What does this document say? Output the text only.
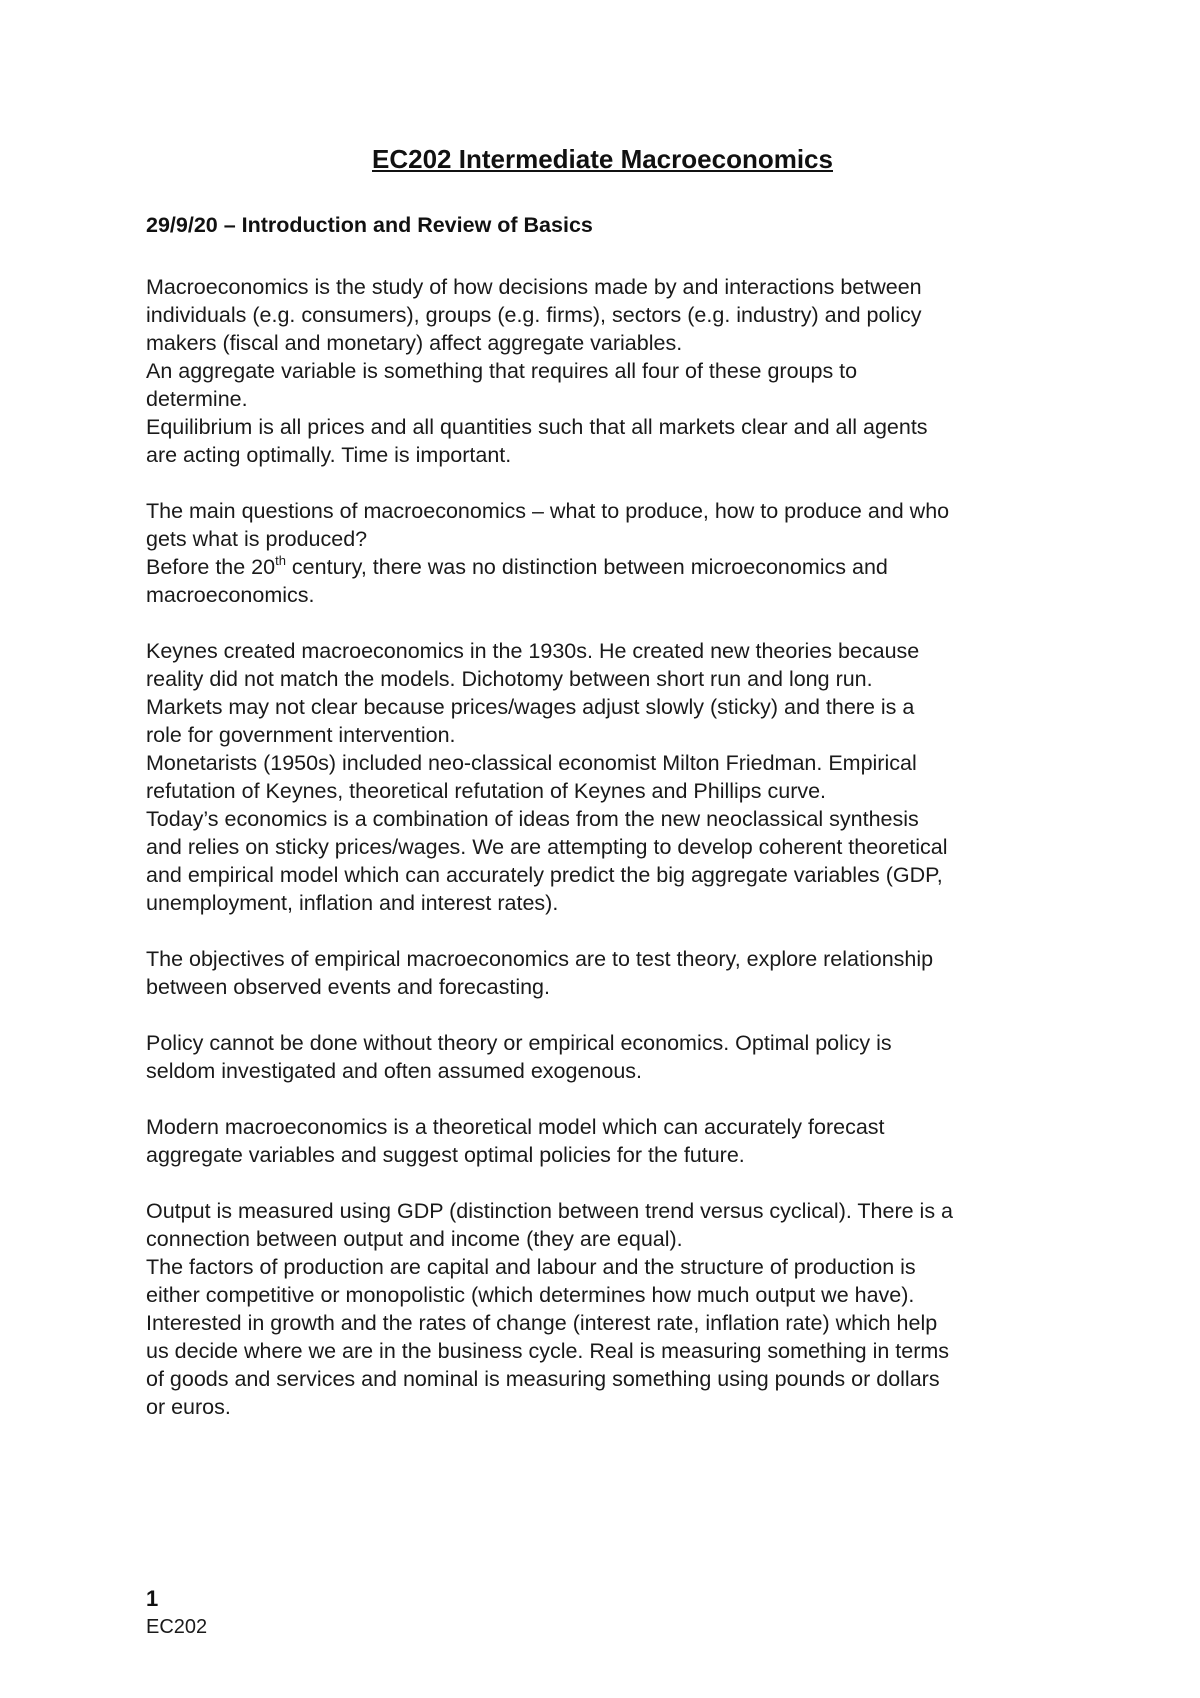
EC202 Intermediate Macroeconomics
29/9/20 – Introduction and Review of Basics

Macroeconomics is the study of how decisions made by and interactions between
individuals (e.g. consumers), groups (e.g. firms), sectors (e.g. industry) and policy
makers (fiscal and monetary) affect aggregate variables.
An aggregate variable is something that requires all four of these groups to
determine.
Equilibrium is all prices and all quantities such that all markets clear and all agents
are acting optimally. Time is important.

The main questions of macroeconomics – what to produce, how to produce and who
gets what is produced?
Before the 20th century, there was no distinction between microeconomics and
macroeconomics.

Keynes created macroeconomics in the 1930s. He created new theories because
reality did not match the models. Dichotomy between short run and long run.
Markets may not clear because prices/wages adjust slowly (sticky) and there is a
role for government intervention.
Monetarists (1950s) included neo-classical economist Milton Friedman. Empirical
refutation of Keynes, theoretical refutation of Keynes and Phillips curve.
Today’s economics is a combination of ideas from the new neoclassical synthesis
and relies on sticky prices/wages. We are attempting to develop coherent theoretical
and empirical model which can accurately predict the big aggregate variables (GDP,
unemployment, inflation and interest rates).

The objectives of empirical macroeconomics are to test theory, explore relationship
between observed events and forecasting.

Policy cannot be done without theory or empirical economics. Optimal policy is
seldom investigated and often assumed exogenous.

Modern macroeconomics is a theoretical model which can accurately forecast
aggregate variables and suggest optimal policies for the future.

Output is measured using GDP (distinction between trend versus cyclical). There is a
connection between output and income (they are equal).
The factors of production are capital and labour and the structure of production is
either competitive or monopolistic (which determines how much output we have).
Interested in growth and the rates of change (interest rate, inflation rate) which help
us decide where we are in the business cycle. Real is measuring something in terms
of goods and services and nominal is measuring something using pounds or dollars
or euros.

1
EC202
